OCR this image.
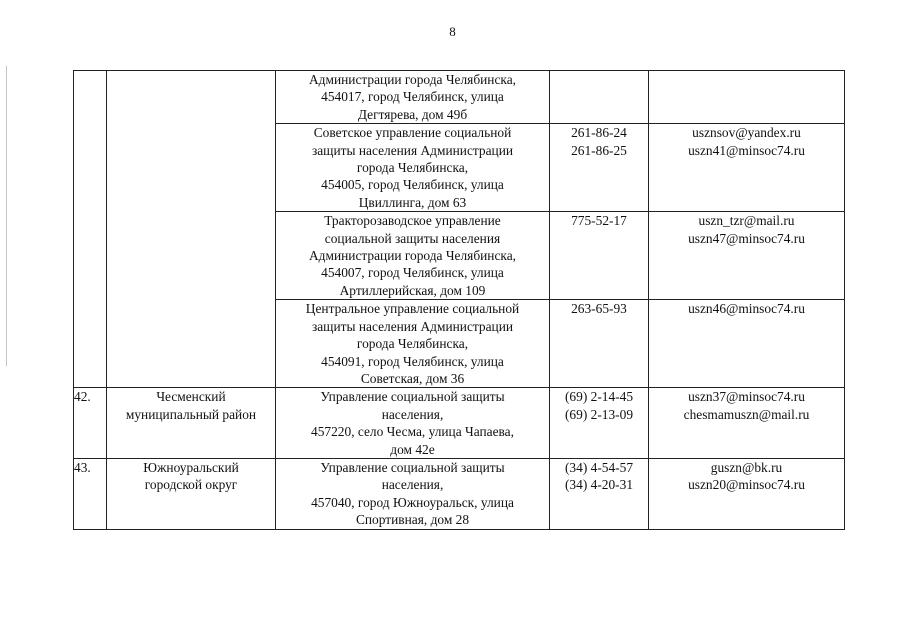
8

		Администрации города Челябинска,
454017, город Челябинск, улица
Дегтярева, дом 49б		

		Советское управление социальной
защиты населения Администрации
города Челябинска,
454005, город Челябинск, улица
Цвиллинга, дом 63	261-86-24
261-86-25	usznsov@yandex.ru
uszn41@minsoc74.ru

		Тракторозаводское управление
социальной защиты населения
Администрации города Челябинска,
454007, город Челябинск, улица
Артиллерийская, дом 109	775-52-17	uszn_tzr@mail.ru
uszn47@minsoc74.ru

		Центральное управление социальной
защиты населения Администрации
города Челябинска,
454091, город Челябинск, улица
Советская, дом 36	263-65-93	uszn46@minsoc74.ru

42.	Чесменский
муниципальный район	Управление социальной защиты
населения,
457220, село Чесма, улица Чапаева,
дом 42е	(69) 2-14-45
(69) 2-13-09	uszn37@minsoc74.ru
chesmamuszn@mail.ru

43.	Южноуральский
городской округ	Управление социальной защиты
населения,
457040, город Южноуральск, улица
Спортивная, дом 28	(34) 4-54-57
(34) 4-20-31	guszn@bk.ru
uszn20@minsoc74.ru
